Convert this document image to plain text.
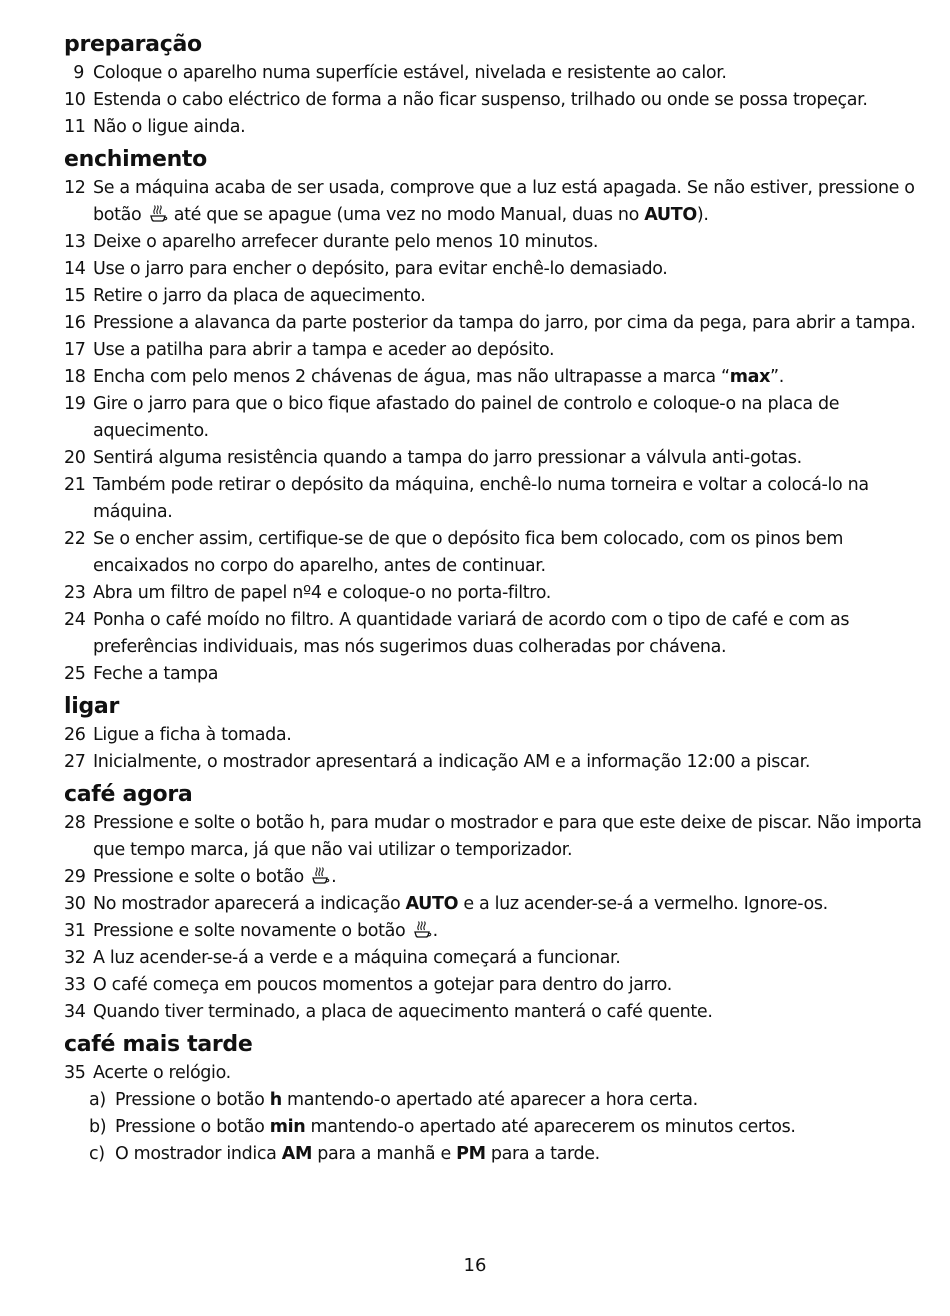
preparação
9 Coloque o aparelho numa superfície estável, nivelada e resistente ao calor.
10 Estenda o cabo eléctrico de forma a não ficar suspenso, trilhado ou onde se possa tropeçar.
11 Não o ligue ainda.
enchimento
12 Se a máquina acaba de ser usada, comprove que a luz está apagada. Se não estiver, pressione o botão  até que se apague (uma vez no modo Manual, duas no AUTO).
13 Deixe o aparelho arrefecer durante pelo menos 10 minutos.
14 Use o jarro para encher o depósito, para evitar enchê-lo demasiado.
15 Retire o jarro da placa de aquecimento.
16 Pressione a alavanca da parte posterior da tampa do jarro, por cima da pega, para abrir a tampa.
17 Use a patilha para abrir a tampa e aceder ao depósito.
18 Encha com pelo menos 2 chávenas de água, mas não ultrapasse a marca “max”.
19 Gire o jarro para que o bico fique afastado do painel de controlo e coloque-o na placa de aquecimento.
20 Sentirá alguma resistência quando a tampa do jarro pressionar a válvula anti-gotas.
21 Também pode retirar o depósito da máquina, enchê-lo numa torneira e voltar a colocá-lo na máquina.
22 Se o encher assim, certifique-se de que o depósito fica bem colocado, com os pinos bem encaixados no corpo do aparelho, antes de continuar.
23 Abra um filtro de papel nº4 e coloque-o no porta-filtro.
24 Ponha o café moído no filtro. A quantidade variará de acordo com o tipo de café e com as preferências individuais, mas nós sugerimos duas colheradas por chávena.
25 Feche a tampa
ligar
26 Ligue a ficha à tomada.
27 Inicialmente, o mostrador apresentará a indicação AM e a informação 12:00 a piscar.
café agora
28 Pressione e solte o botão h, para mudar o mostrador e para que este deixe de piscar. Não importa que tempo marca, já que não vai utilizar o temporizador.
29 Pressione e solte o botão .
30 No mostrador aparecerá a indicação AUTO e a luz acender-se-á a vermelho. Ignore-os.
31 Pressione e solte novamente o botão .
32 A luz acender-se-á a verde e a máquina começará a funcionar.
33 O café começa em poucos momentos a gotejar para dentro do jarro.
34 Quando tiver terminado, a placa de aquecimento manterá o café quente.
café mais tarde
35 Acerte o relógio.
a) Pressione o botão h mantendo-o apertado até aparecer a hora certa.
b) Pressione o botão min mantendo-o apertado até aparecerem os minutos certos.
c) O mostrador indica AM para a manhã e PM para a tarde.
16
